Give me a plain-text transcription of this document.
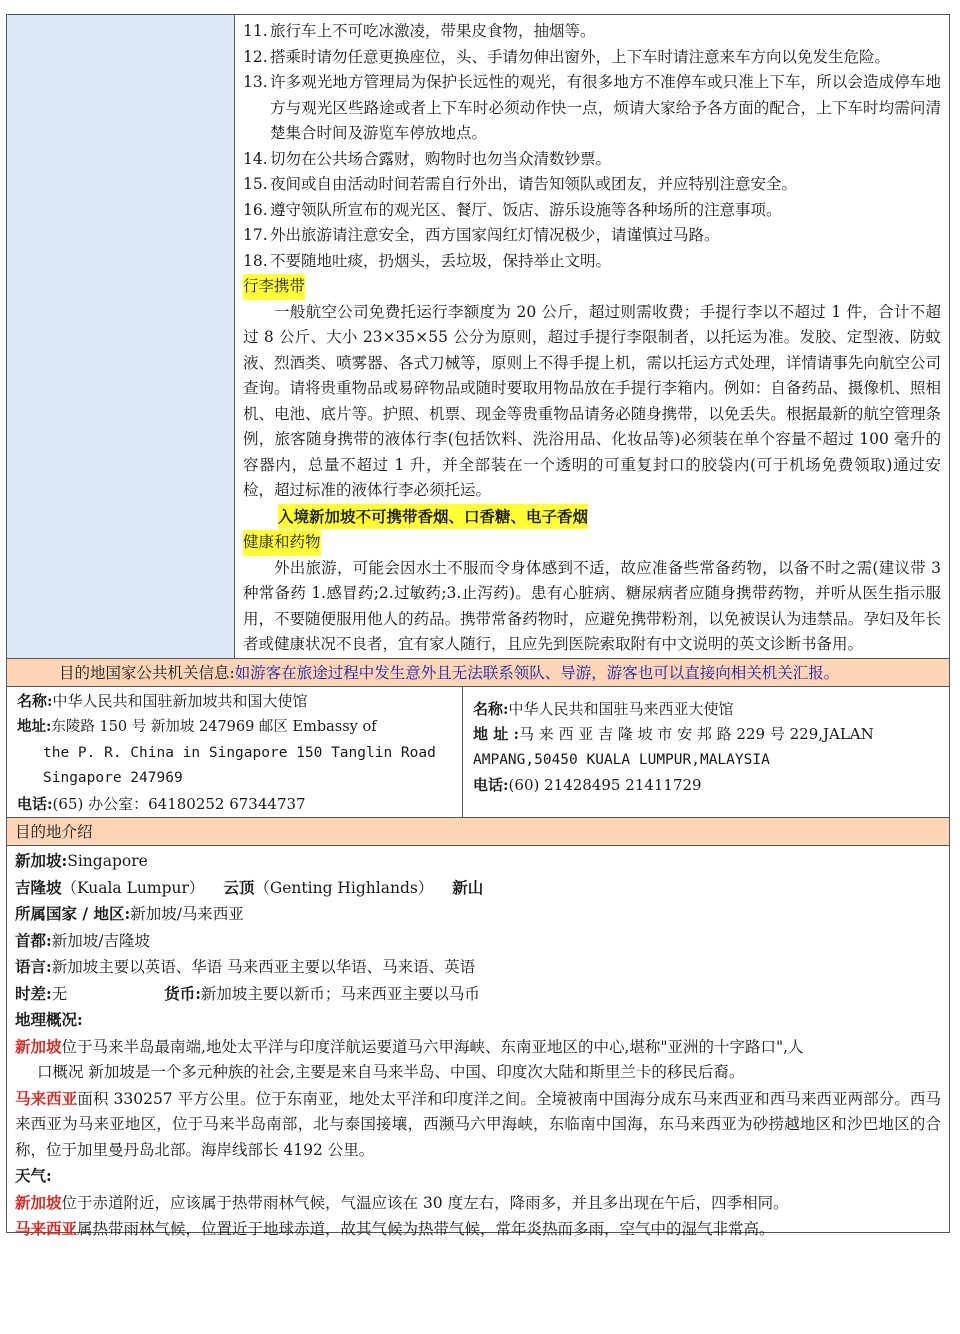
11. 旅行车上不可吃冰激凌，带果皮食物，抽烟等。
12. 搭乘时请勿任意更换座位，头、手请勿伸出窗外，上下车时请注意来车方向以免发生危险。
13. 许多观光地方管理局为保护长远性的观光，有很多地方不准停车或只准上下车，所以会造成停车地方与观光区些路途或者上下车时必须动作快一点，烦请大家给予各方面的配合，上下车时均需问清楚集合时间及游览车停放地点。
14. 切勿在公共场合露财，购物时也勿当众清数钞票。
15. 夜间或自由活动时间若需自行外出，请告知领队或团友，并应特别注意安全。
16. 遵守领队所宣布的观光区、餐厅、饭店、游乐设施等各种场所的注意事项。
17. 外出旅游请注意安全，西方国家闯红灯情况极少，请谨慎过马路。
18. 不要随地吐痰，扔烟头，丢垃圾，保持举止文明。
行李携带
一般航空公司免费托运行李额度为 20 公斤，超过则需收费；手提行李以不超过 1 件，合计不超过 8 公斤、大小 23×35×55 公分为原则，超过手提行李限制者，以托运为准。发胶、定型液、防蚊液、烈酒类、喷雾器、各式刀械等，原则上不得手提上机，需以托运方式处理，详情请事先向航空公司查询。请将贵重物品或易碎物品或随时要取用物品放在手提行李箱内。例如：自备药品、摄像机、照相机、电池、底片等。护照、机票、现金等贵重物品请务必随身携带，以免丢失。根据最新的航空管理条例，旅客随身携带的液体行李(包括饮料、洗浴用品、化妆品等)必须装在单个容量不超过 100 毫升的容器内，总量不超过 1 升，并全部装在一个透明的可重复封口的胶袋内(可于机场免费领取)通过安检，超过标准的液体行李必须托运。
入境新加坡不可携带香烟、口香糖、电子香烟
健康和药物
外出旅游，可能会因水土不服而令身体感到不适，故应准备些常备药物，以备不时之需(建议带 3 种常备药 1.感冒药;2.过敏药;3.止泻药)。患有心脏病、糖尿病者应随身携带药物，并听从医生指示服用，不要随便服用他人的药品。携带常备药物时，应避免携带粉剂，以免被误认为违禁品。孕妇及年长者或健康状况不良者，宜有家人随行，且应先到医院索取附有中文说明的英文诊断书备用。
目的地国家公共机关信息:如游客在旅途过程中发生意外且无法联系领队、导游，游客也可以直接向相关机关汇报。
名称:中华人民共和国驻新加坡共和国大使馆
地址:东陵路 150 号 新加坡 247969 邮区 Embassy of
the P. R. China in Singapore 150 Tanglin Road
Singapore 247969
电话:(65) 办公室：64180252 67344737
名称:中华人民共和国驻马来西亚大使馆
地 址 :马 来 西 亚 吉 隆 坡 市 安 邦 路 229 号 229,JALAN
AMPANG,50450 KUALA LUMPUR,MALAYSIA
电话:(60) 21428495 21411729
目的地介绍
新加坡:Singapore
吉隆坡（Kuala Lumpur） 云顶（Genting Highlands） 新山
所属国家 / 地区:新加坡/马来西亚
首都:新加坡/吉隆坡
语言:新加坡主要以英语、华语 马来西亚主要以华语、马来语、英语
时差:无	货币:新加坡主要以新币；马来西亚主要以马币
地理概况:
新加坡位于马来半岛最南端,地处太平洋与印度洋航运要道马六甲海峡、东南亚地区的中心,堪称"亚洲的十字路口",人
口概况 新加坡是一个多元种族的社会,主要是来自马来半岛、中国、印度次大陆和斯里兰卡的移民后裔。
马来西亚面积 330257 平方公里。位于东南亚，地处太平洋和印度洋之间。全境被南中国海分成东马来西亚和西马来西亚两部分。西马来西亚为马来亚地区，位于马来半岛南部，北与泰国接壤，西濒马六甲海峡，东临南中国海，东马来西亚为砂捞越地区和沙巴地区的合称，位于加里曼丹岛北部。海岸线部长 4192 公里。
天气:
新加坡位于赤道附近，应该属于热带雨林气候，气温应该在 30 度左右，降雨多，并且多出现在午后，四季相同。
马来西亚属热带雨林气候，位置近于地球赤道，故其气候为热带气候，常年炎热而多雨，空气中的湿气非常高。
